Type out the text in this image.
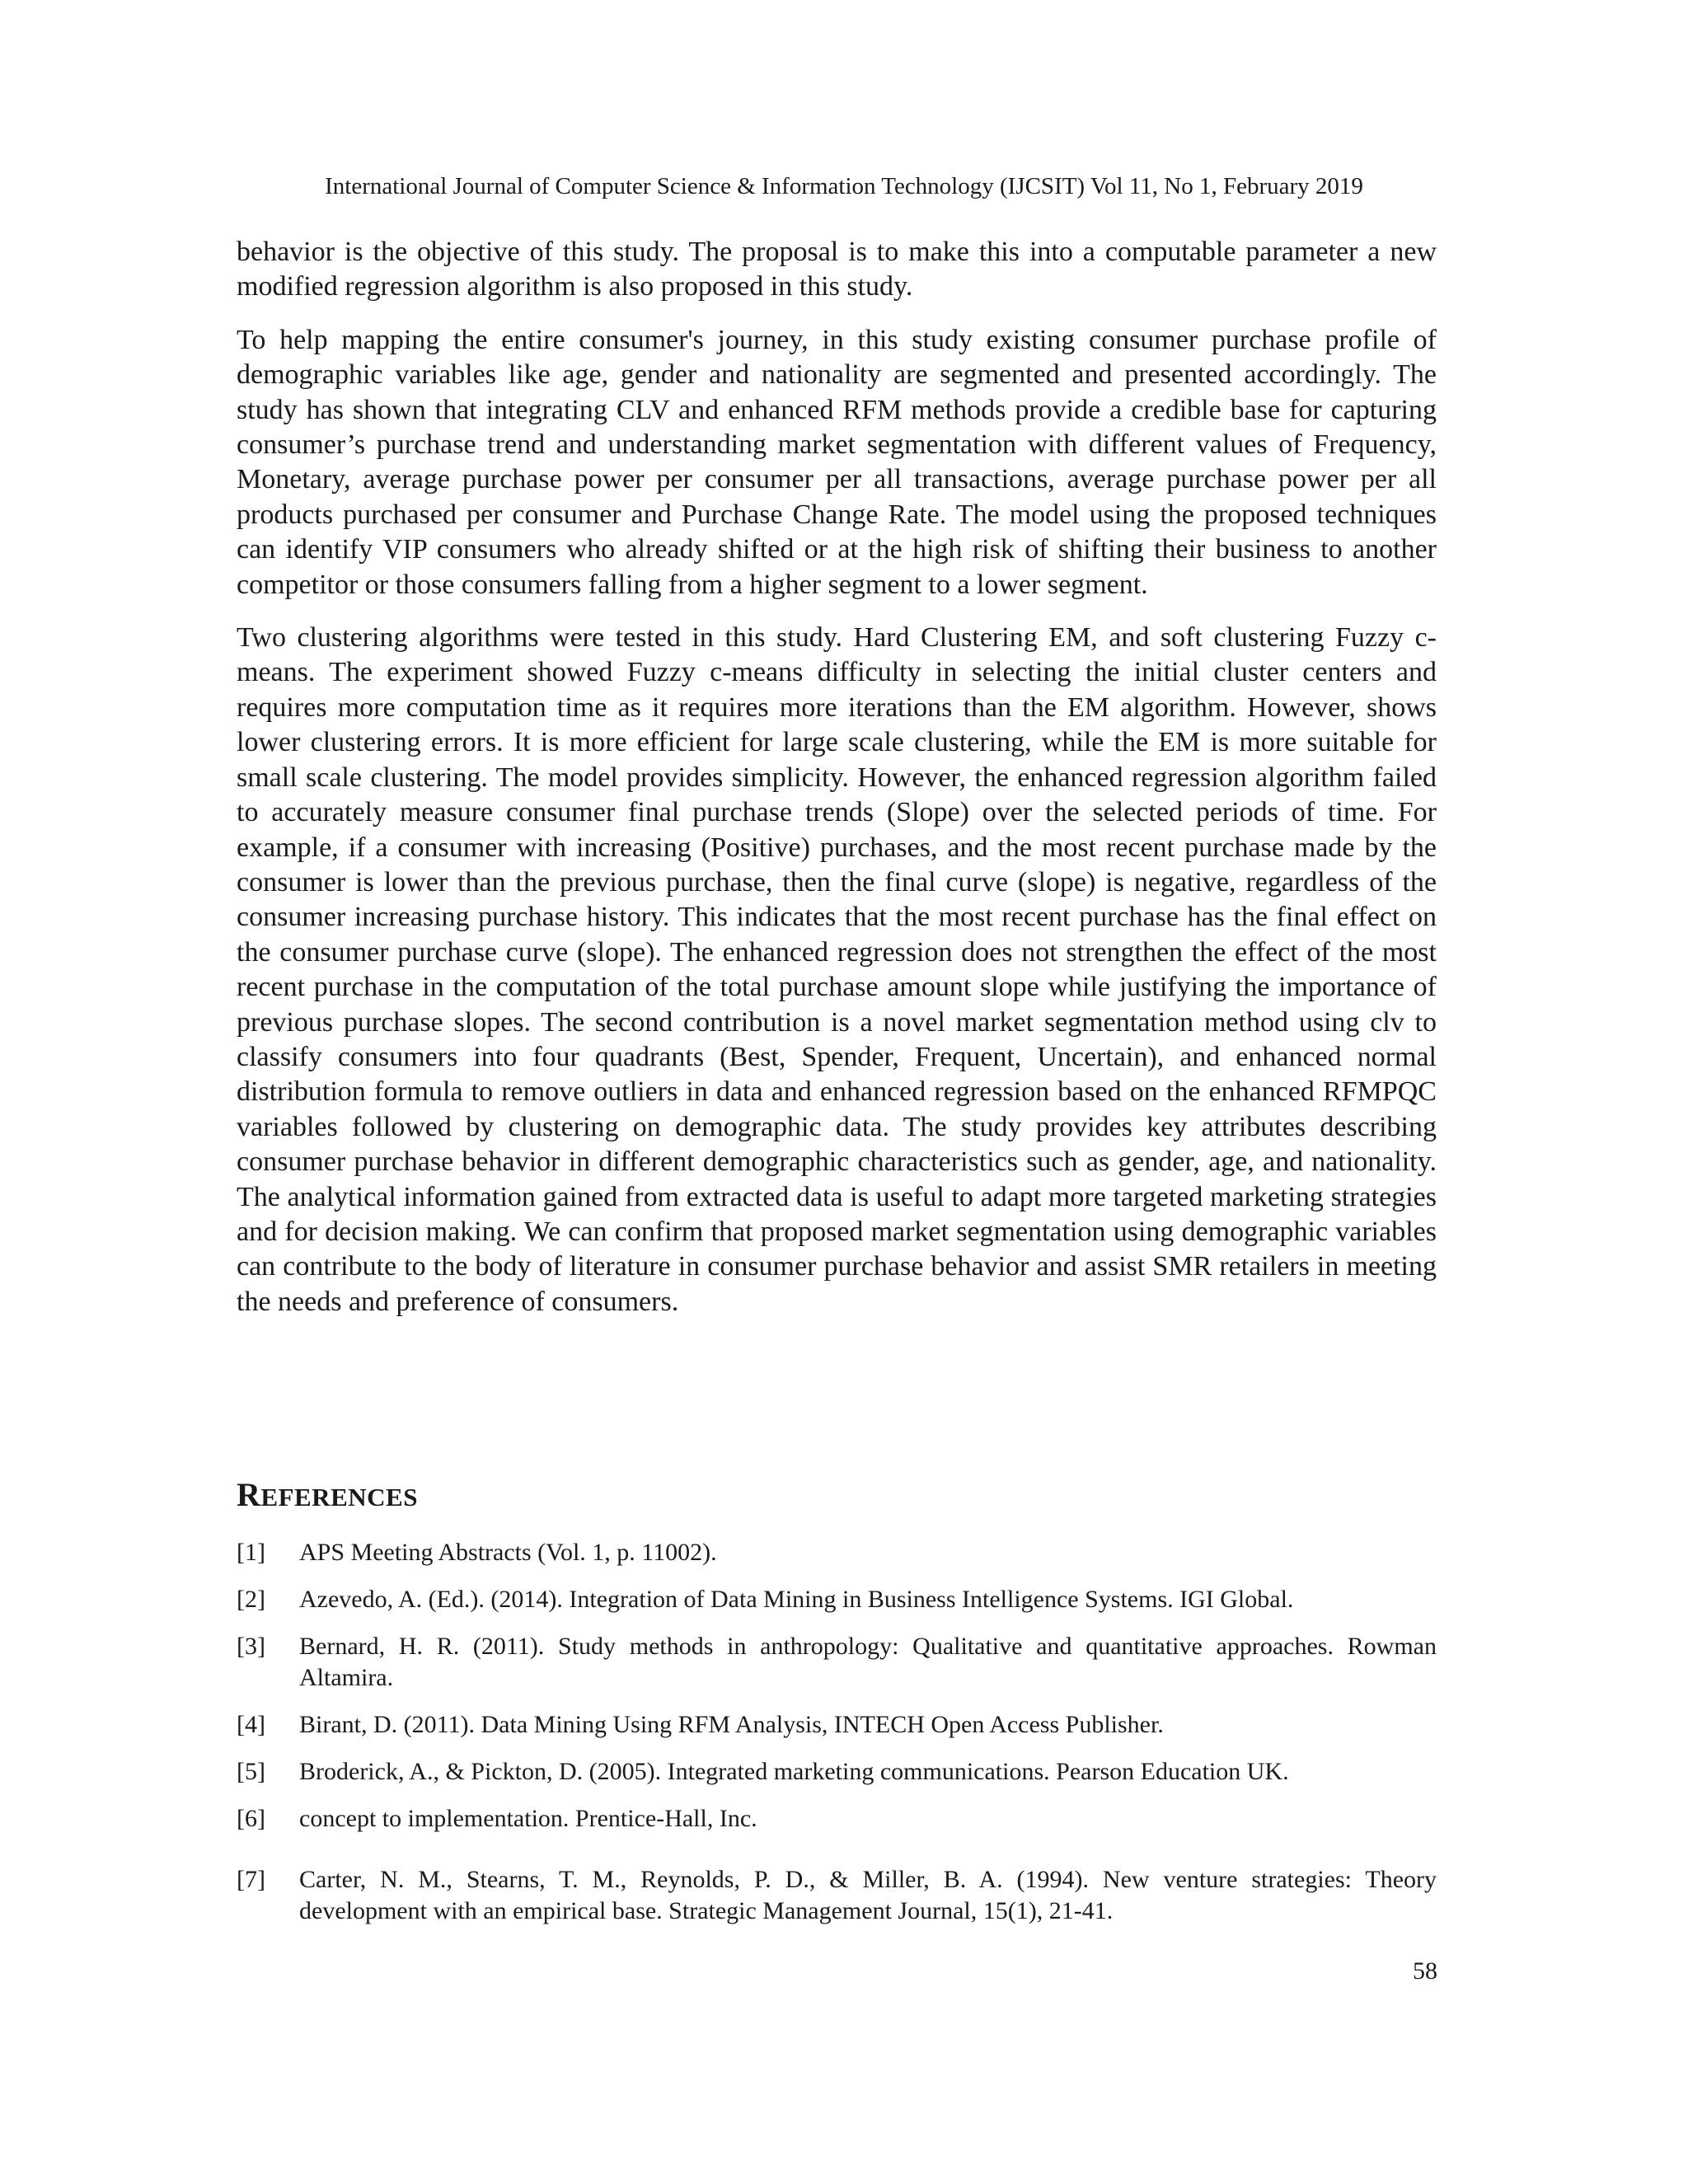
International Journal of Computer Science & Information Technology (IJCSIT) Vol 11, No 1, February 2019

behavior is the objective of this study. The proposal is to make this into a computable parameter a new modified regression algorithm is also proposed in this study.

To help mapping the entire consumer's journey, in this study existing consumer purchase profile of demographic variables like age, gender and nationality are segmented and presented accordingly. The study has shown that integrating CLV and enhanced RFM methods provide a credible base for capturing consumer’s purchase trend and understanding market segmentation with different values of Frequency, Monetary, average purchase power per consumer per all transactions, average purchase power per all products purchased per consumer and Purchase Change Rate. The model using the proposed techniques can identify VIP consumers who already shifted or at the high risk of shifting their business to another competitor or those consumers falling from a higher segment to a lower segment.

Two clustering algorithms were tested in this study. Hard Clustering EM, and soft clustering Fuzzy c-means. The experiment showed Fuzzy c-means difficulty in selecting the initial cluster centers and requires more computation time as it requires more iterations than the EM algorithm. However, shows lower clustering errors. It is more efficient for large scale clustering, while the EM is more suitable for small scale clustering. The model provides simplicity. However, the enhanced regression algorithm failed to accurately measure consumer final purchase trends (Slope) over the selected periods of time. For example, if a consumer with increasing (Positive) purchases, and the most recent purchase made by the consumer is lower than the previous purchase, then the final curve (slope) is negative, regardless of the consumer increasing purchase history. This indicates that the most recent purchase has the final effect on the consumer purchase curve (slope). The enhanced regression does not strengthen the effect of the most recent purchase in the computation of the total purchase amount slope while justifying the importance of previous purchase slopes. The second contribution is a novel market segmentation method using clv to classify consumers into four quadrants (Best, Spender, Frequent, Uncertain), and enhanced normal distribution formula to remove outliers in data and enhanced regression based on the enhanced RFMPQC variables followed by clustering on demographic data. The study provides key attributes describing consumer purchase behavior in different demographic characteristics such as gender, age, and nationality. The analytical information gained from extracted data is useful to adapt more targeted marketing strategies and for decision making. We can confirm that proposed market segmentation using demographic variables can contribute to the body of literature in consumer purchase behavior and assist SMR retailers in meeting the needs and preference of consumers.

REFERENCES
[1] APS Meeting Abstracts (Vol. 1, p. 11002).
[2] Azevedo, A. (Ed.). (2014). Integration of Data Mining in Business Intelligence Systems. IGI Global.
[3] Bernard, H. R. (2011). Study methods in anthropology: Qualitative and quantitative approaches. Rowman Altamira.
[4] Birant, D. (2011). Data Mining Using RFM Analysis, INTECH Open Access Publisher.
[5] Broderick, A., & Pickton, D. (2005). Integrated marketing communications. Pearson Education UK.
[6] concept to implementation. Prentice-Hall, Inc.
[7] Carter, N. M., Stearns, T. M., Reynolds, P. D., & Miller, B. A. (1994). New venture strategies: Theory development with an empirical base. Strategic Management Journal, 15(1), 21-41.
58
